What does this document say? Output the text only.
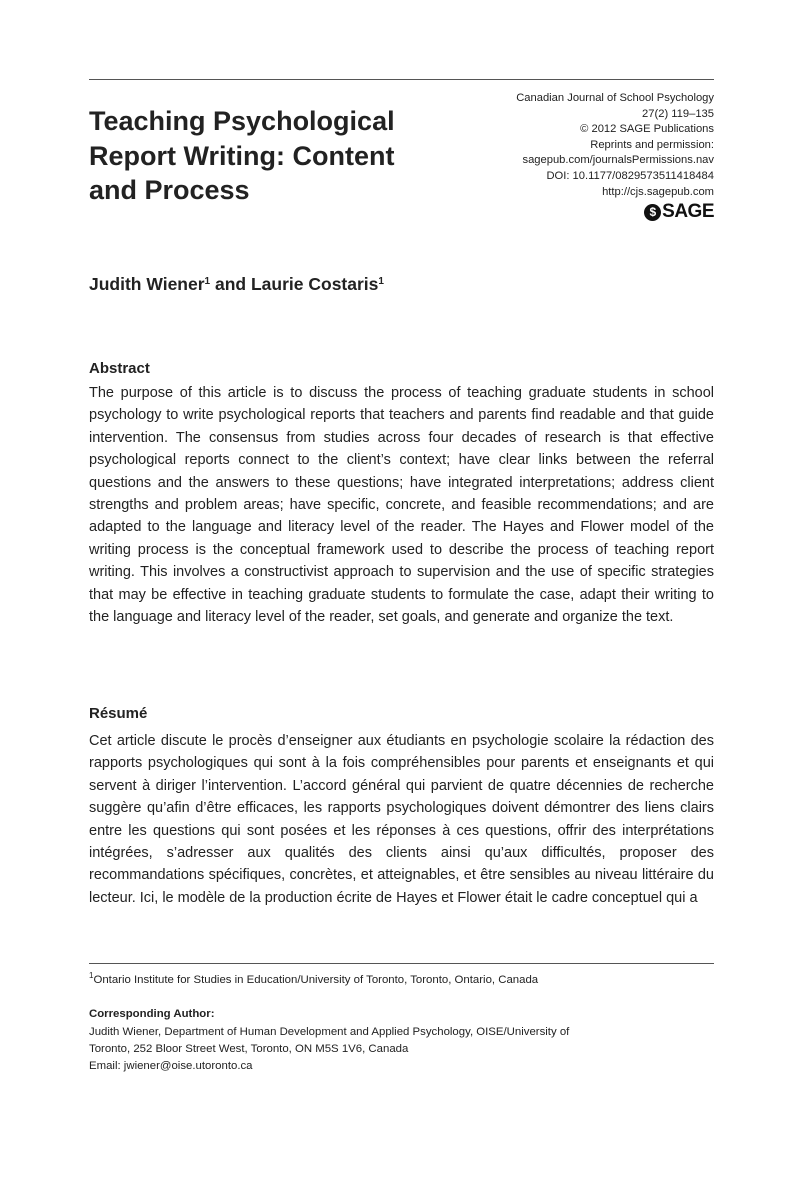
Teaching Psychological Report Writing: Content and Process
Canadian Journal of School Psychology
27(2) 119–135
© 2012 SAGE Publications
Reprints and permission:
sagepub.com/journalsPermissions.nav
DOI: 10.1177/0829573511418484
http://cjs.sagepub.com
$ SAGE

Judith Wiener$^1$ and Laurie Costaris$^1$

Abstract

The purpose of this article is to discuss the process of teaching graduate students in school psychology to write psychological reports that teachers and parents find readable and that guide intervention. The consensus from studies across four decades of research is that effective psychological reports connect to the client’s context; have clear links between the referral questions and the answers to these questions; have integrated interpretations; address client strengths and problem areas; have specific, concrete, and feasible recommendations; and are adapted to the language and literacy level of the reader. The Hayes and Flower model of the writing process is the conceptual framework used to describe the process of teaching report writing. This involves a constructivist approach to supervision and the use of specific strategies that may be effective in teaching graduate students to formulate the case, adapt their writing to the language and literacy level of the reader, set goals, and generate and organize the text.

Résumé

Cet article discute le procès d’enseigner aux étudiants en psychologie scolaire la rédaction des rapports psychologiques qui sont à la fois compréhensibles pour parents et enseignants et qui servent à diriger l’intervention. L’accord général qui parvient de quatre décennies de recherche suggère qu’afin d’être efficaces, les rapports psychologiques doivent démontrer des liens clairs entre les questions qui sont posées et les réponses à ces questions, offrir des interprétations intégrées, s’adresser aux qualités des clients ainsi qu’aux difficultés, proposer des recommandations spécifiques, concrètes, et atteignables, et être sensibles au niveau littéraire du lecteur. Ici, le modèle de la production écrite de Hayes et Flower était le cadre conceptuel qui a

$^1$Ontario Institute for Studies in Education/University of Toronto, Toronto, Ontario, Canada
Corresponding Author:
Judith Wiener, Department of Human Development and Applied Psychology, OISE/University of
Toronto, 252 Bloor Street West, Toronto, ON M5S 1V6, Canada
Email: jwiener@oise.utoronto.ca
